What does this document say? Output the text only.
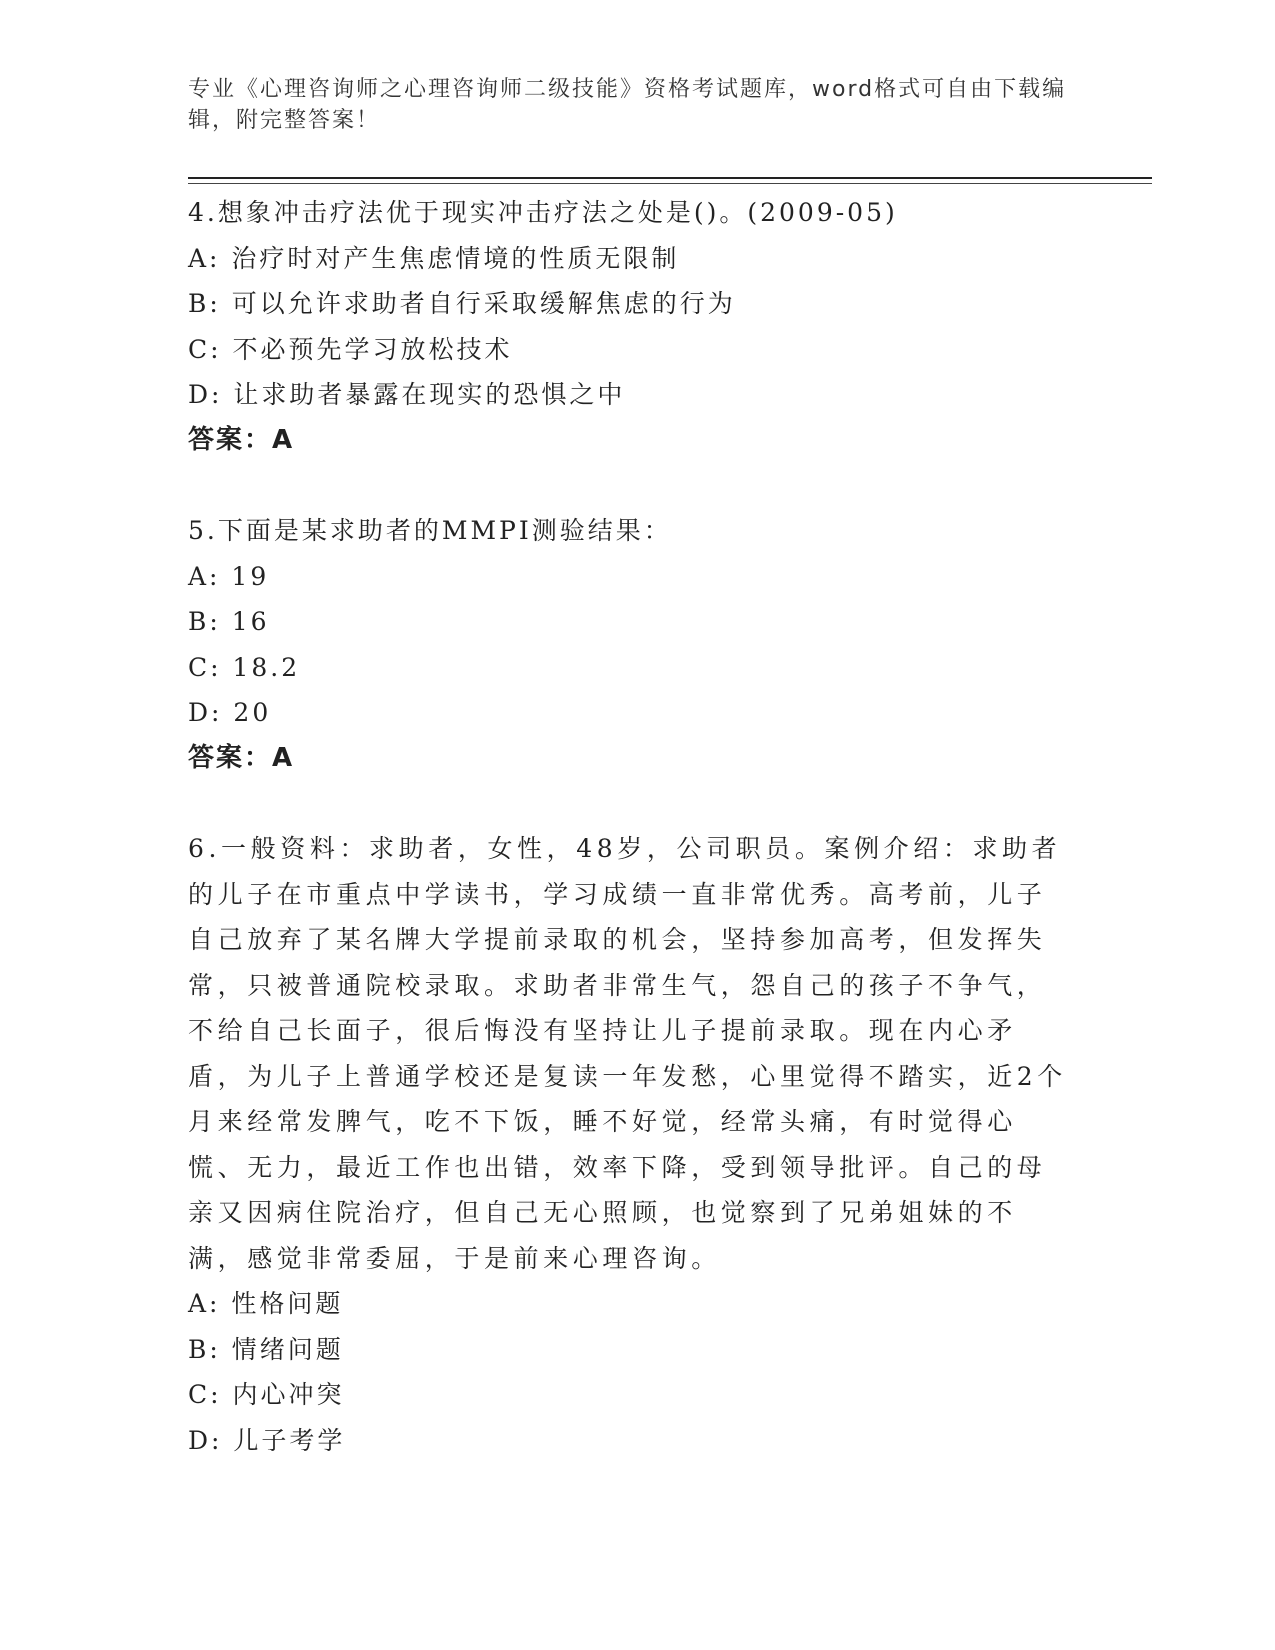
专业《心理咨询师之心理咨询师二级技能》资格考试题库，word格式可自由下载编辑，附完整答案！
4.想象冲击疗法优于现实冲击疗法之处是()。(2009-05)
A: 治疗时对产生焦虑情境的性质无限制
B: 可以允许求助者自行采取缓解焦虑的行为
C: 不必预先学习放松技术
D: 让求助者暴露在现实的恐惧之中
答案：A
5.下面是某求助者的MMPI测验结果：
A: 19
B: 16
C: 18.2
D: 20
答案：A

6.一般资料：求助者，女性，48岁，公司职员。案例介绍：求助者的儿子在市重点中学读书，学习成绩一直非常优秀。高考前，儿子自己放弃了某名牌大学提前录取的机会，坚持参加高考，但发挥失常，只被普通院校录取。求助者非常生气，怨自己的孩子不争气，不给自己长面子，很后悔没有坚持让儿子提前录取。现在内心矛盾，为儿子上普通学校还是复读一年发愁，心里觉得不踏实，近2个月来经常发脾气，吃不下饭，睡不好觉，经常头痛，有时觉得心慌、无力，最近工作也出错，效率下降，受到领导批评。自己的母亲又因病住院治疗，但自己无心照顾，也觉察到了兄弟姐妹的不满，感觉非常委屈，于是前来心理咨询。

A: 性格问题
B: 情绪问题
C: 内心冲突
D: 儿子考学
